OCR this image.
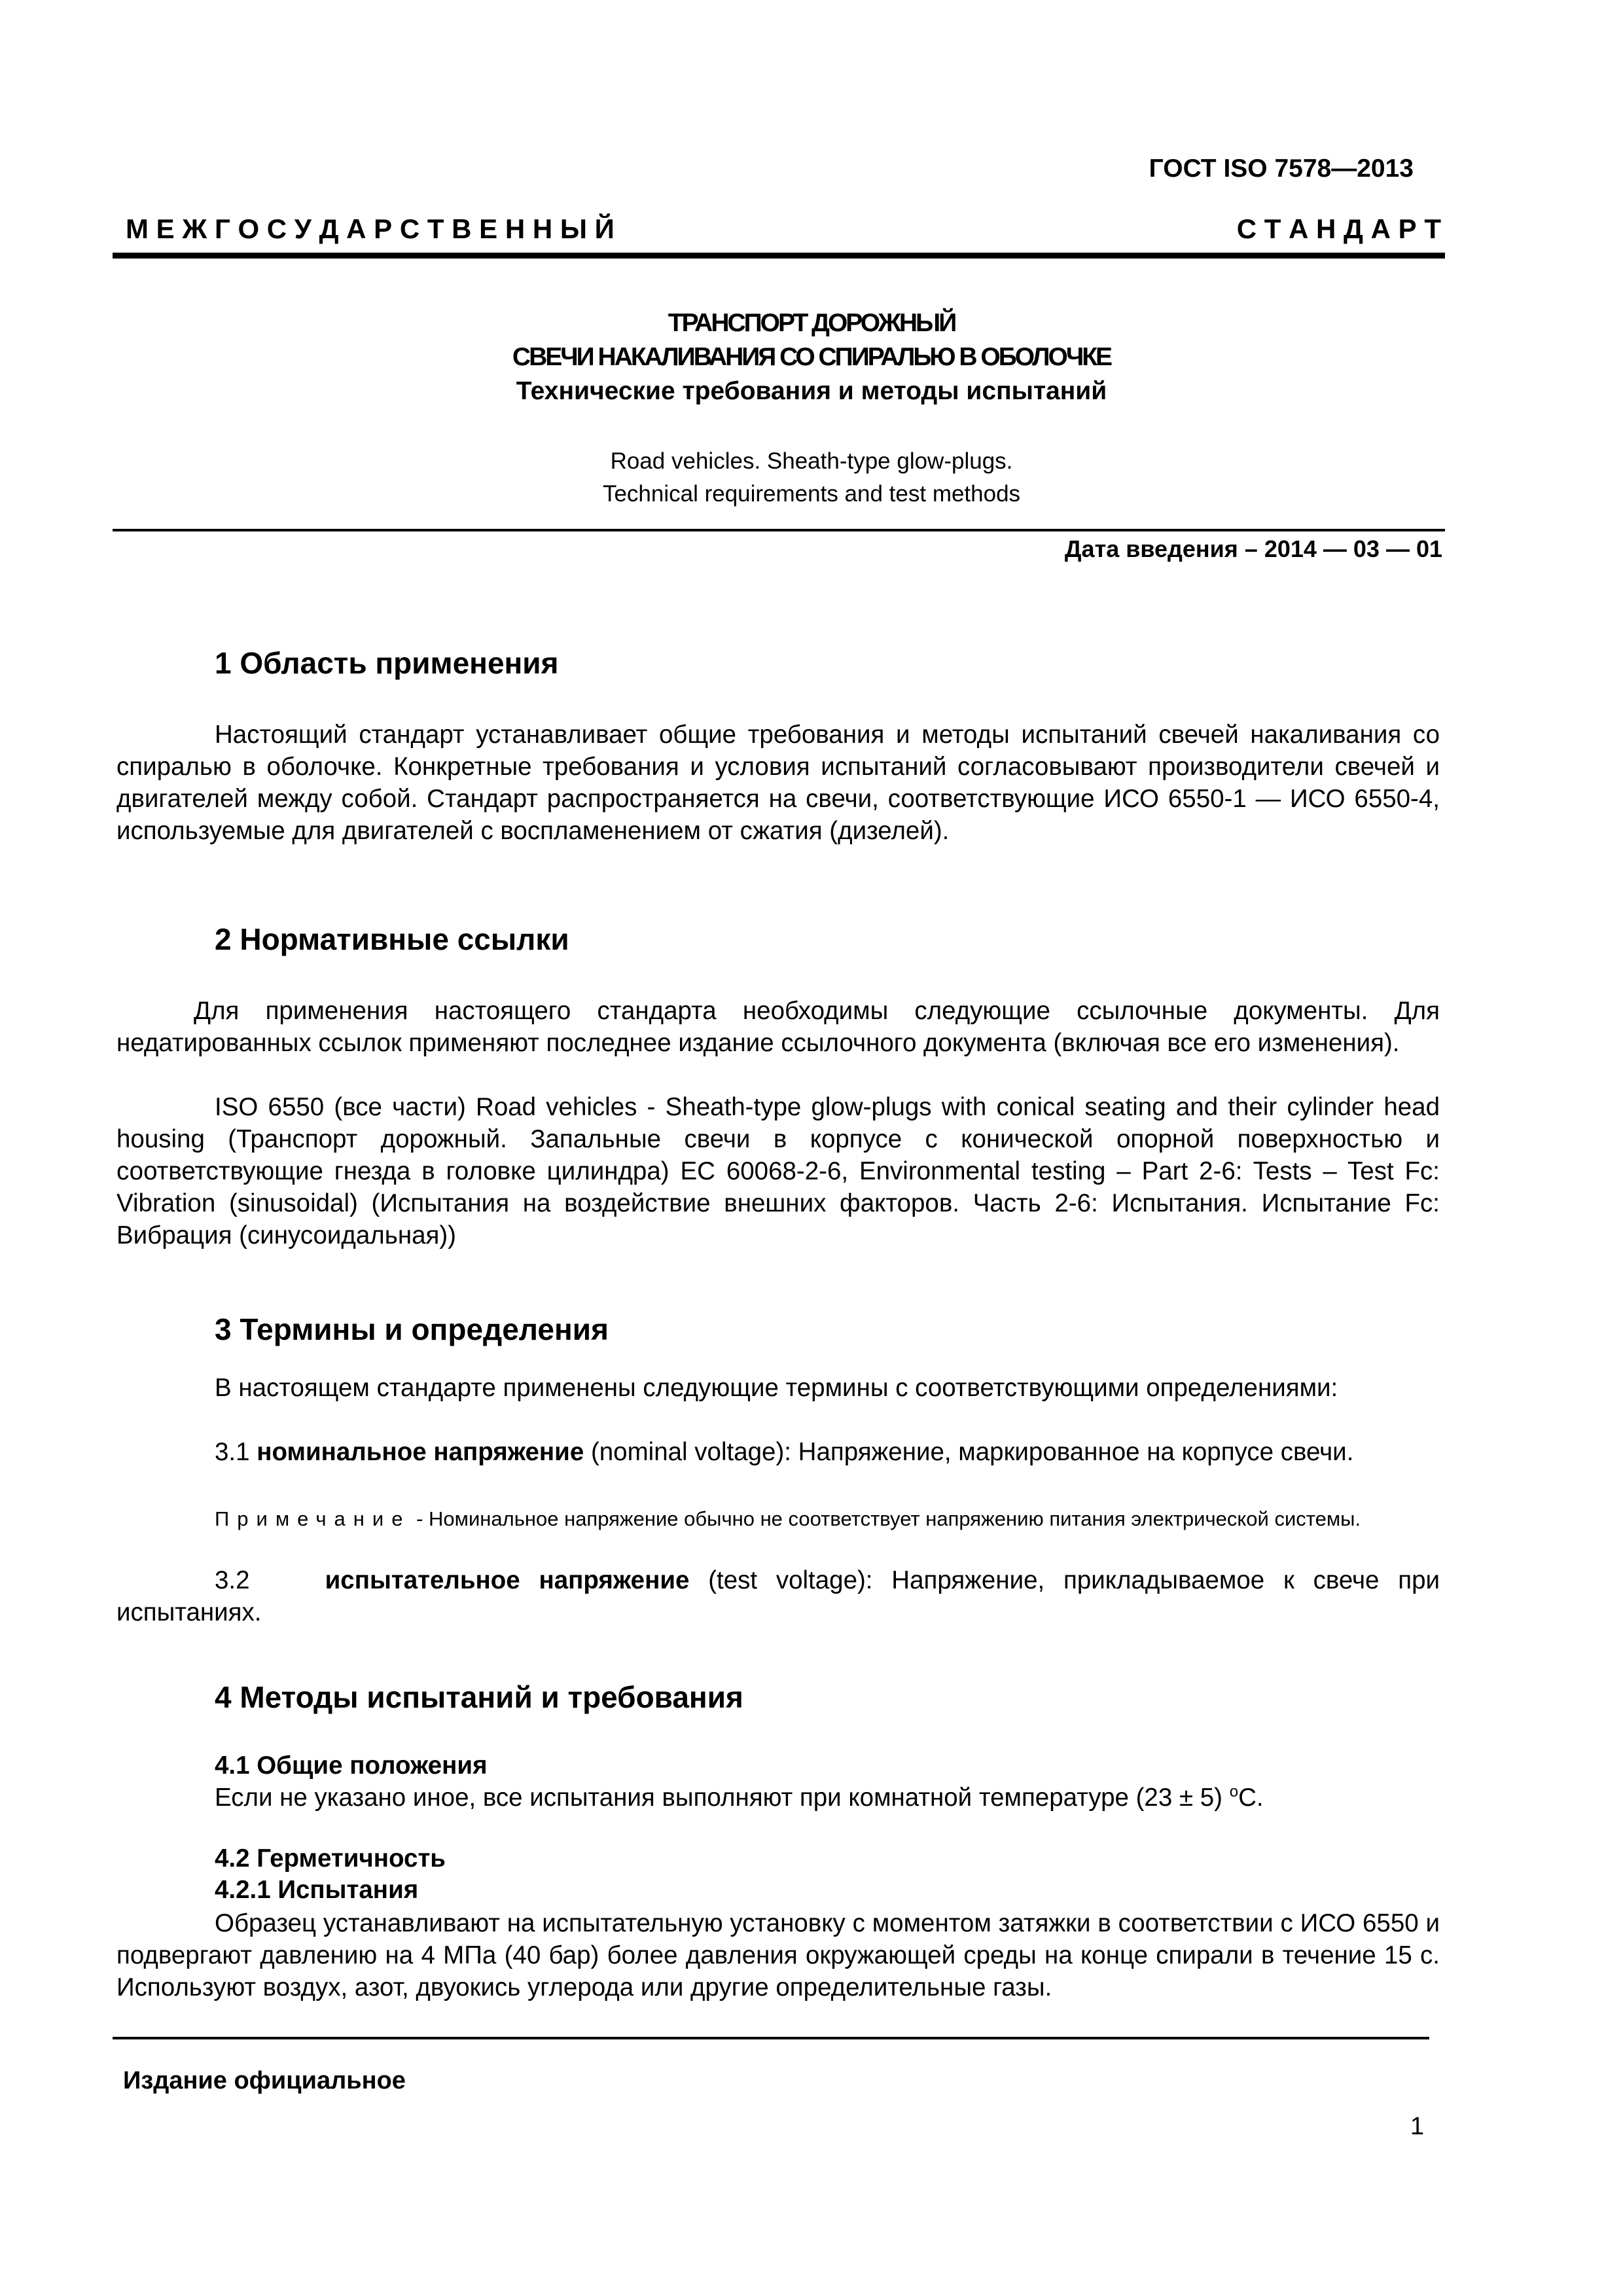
ГОСТ ISO 7578—2013
М Е Ж Г О С У Д А Р С Т В Е Н Н Ы Й	С Т А Н Д А Р Т
ТРАНСПОРТ ДОРОЖНЫЙ
СВЕЧИ НАКАЛИВАНИЯ СО СПИРАЛЬЮ В ОБОЛОЧКЕ
Технические требования и методы испытаний
Road vehicles. Sheath-type glow-plugs.
Technical requirements and test methods
Дата введения – 2014 — 03 — 01
1 Область применения
Настоящий стандарт устанавливает общие требования и методы испытаний свечей накаливания со спиралью в оболочке. Конкретные требования и условия испытаний согласовывают производители свечей и двигателей между собой. Стандарт распространяется на свечи, соответствующие ИСО 6550-1 — ИСО 6550-4, используемые для двигателей с воспламенением от сжатия (дизелей).
2 Нормативные ссылки
Для применения настоящего стандарта необходимы следующие ссылочные документы. Для недатированных ссылок применяют последнее издание ссылочного документа (включая все его изменения).
ISO 6550 (все части) Road vehicles - Sheath-type glow-plugs with conical seating and their cylinder head housing (Транспорт дорожный. Запальные свечи в корпусе с конической опорной поверхностью и соответствующие гнезда в головке цилиндра) ЕС 60068-2-6, Environmental testing – Part 2-6: Tests – Test Fc: Vibration (sinusoidal) (Испытания на воздействие внешних факторов. Часть 2-6: Испытания. Испытание Fc: Вибрация (синусоидальная))
3 Термины и определения
В настоящем стандарте применены следующие термины с соответствующими определениями:
3.1 номинальное напряжение (nominal voltage): Напряжение, маркированное на корпусе свечи.
Примечание - Номинальное напряжение обычно не соответствует напряжению питания электрической системы.
3.2	испытательное напряжение (test voltage): Напряжение, прикладываемое к свече при испытаниях.
4 Методы испытаний и требования
4.1 Общие положения
Если не указано иное, все испытания выполняют при комнатной температуре (23 ± 5) $^o$С.
4.2 Герметичность
4.2.1 Испытания
Образец устанавливают на испытательную установку с моментом затяжки в соответствии с ИСО 6550 и подвергают давлению на 4 МПа (40 бар) более давления окружающей среды на конце спирали в течение 15 с. Используют воздух, азот, двуокись углерода или другие определительные газы.
Издание официальное
1
